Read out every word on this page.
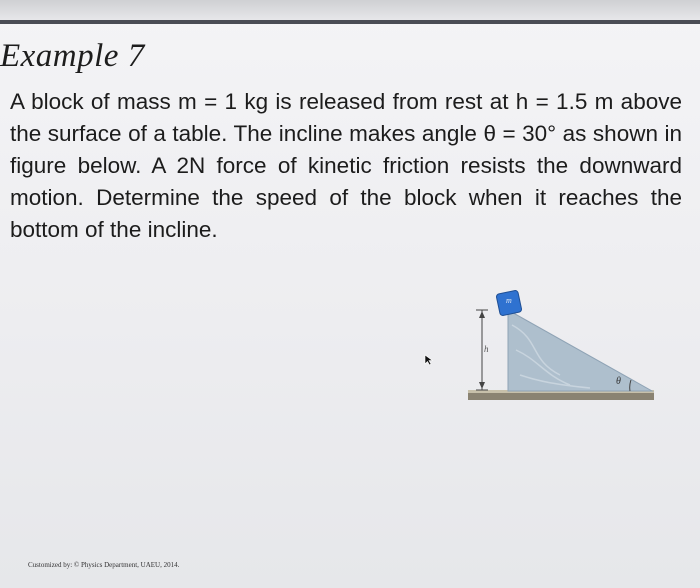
Example 7
A block of mass m = 1 kg is released from rest at h = 1.5 m above the surface of a table. The incline makes angle θ = 30° as shown in figure below. A 2N force of kinetic friction resists the downward motion. Determine the speed of the block when it reaches the bottom of the incline.
m
h
θ
Customized by: © Physics Department, UAEU, 2014.
